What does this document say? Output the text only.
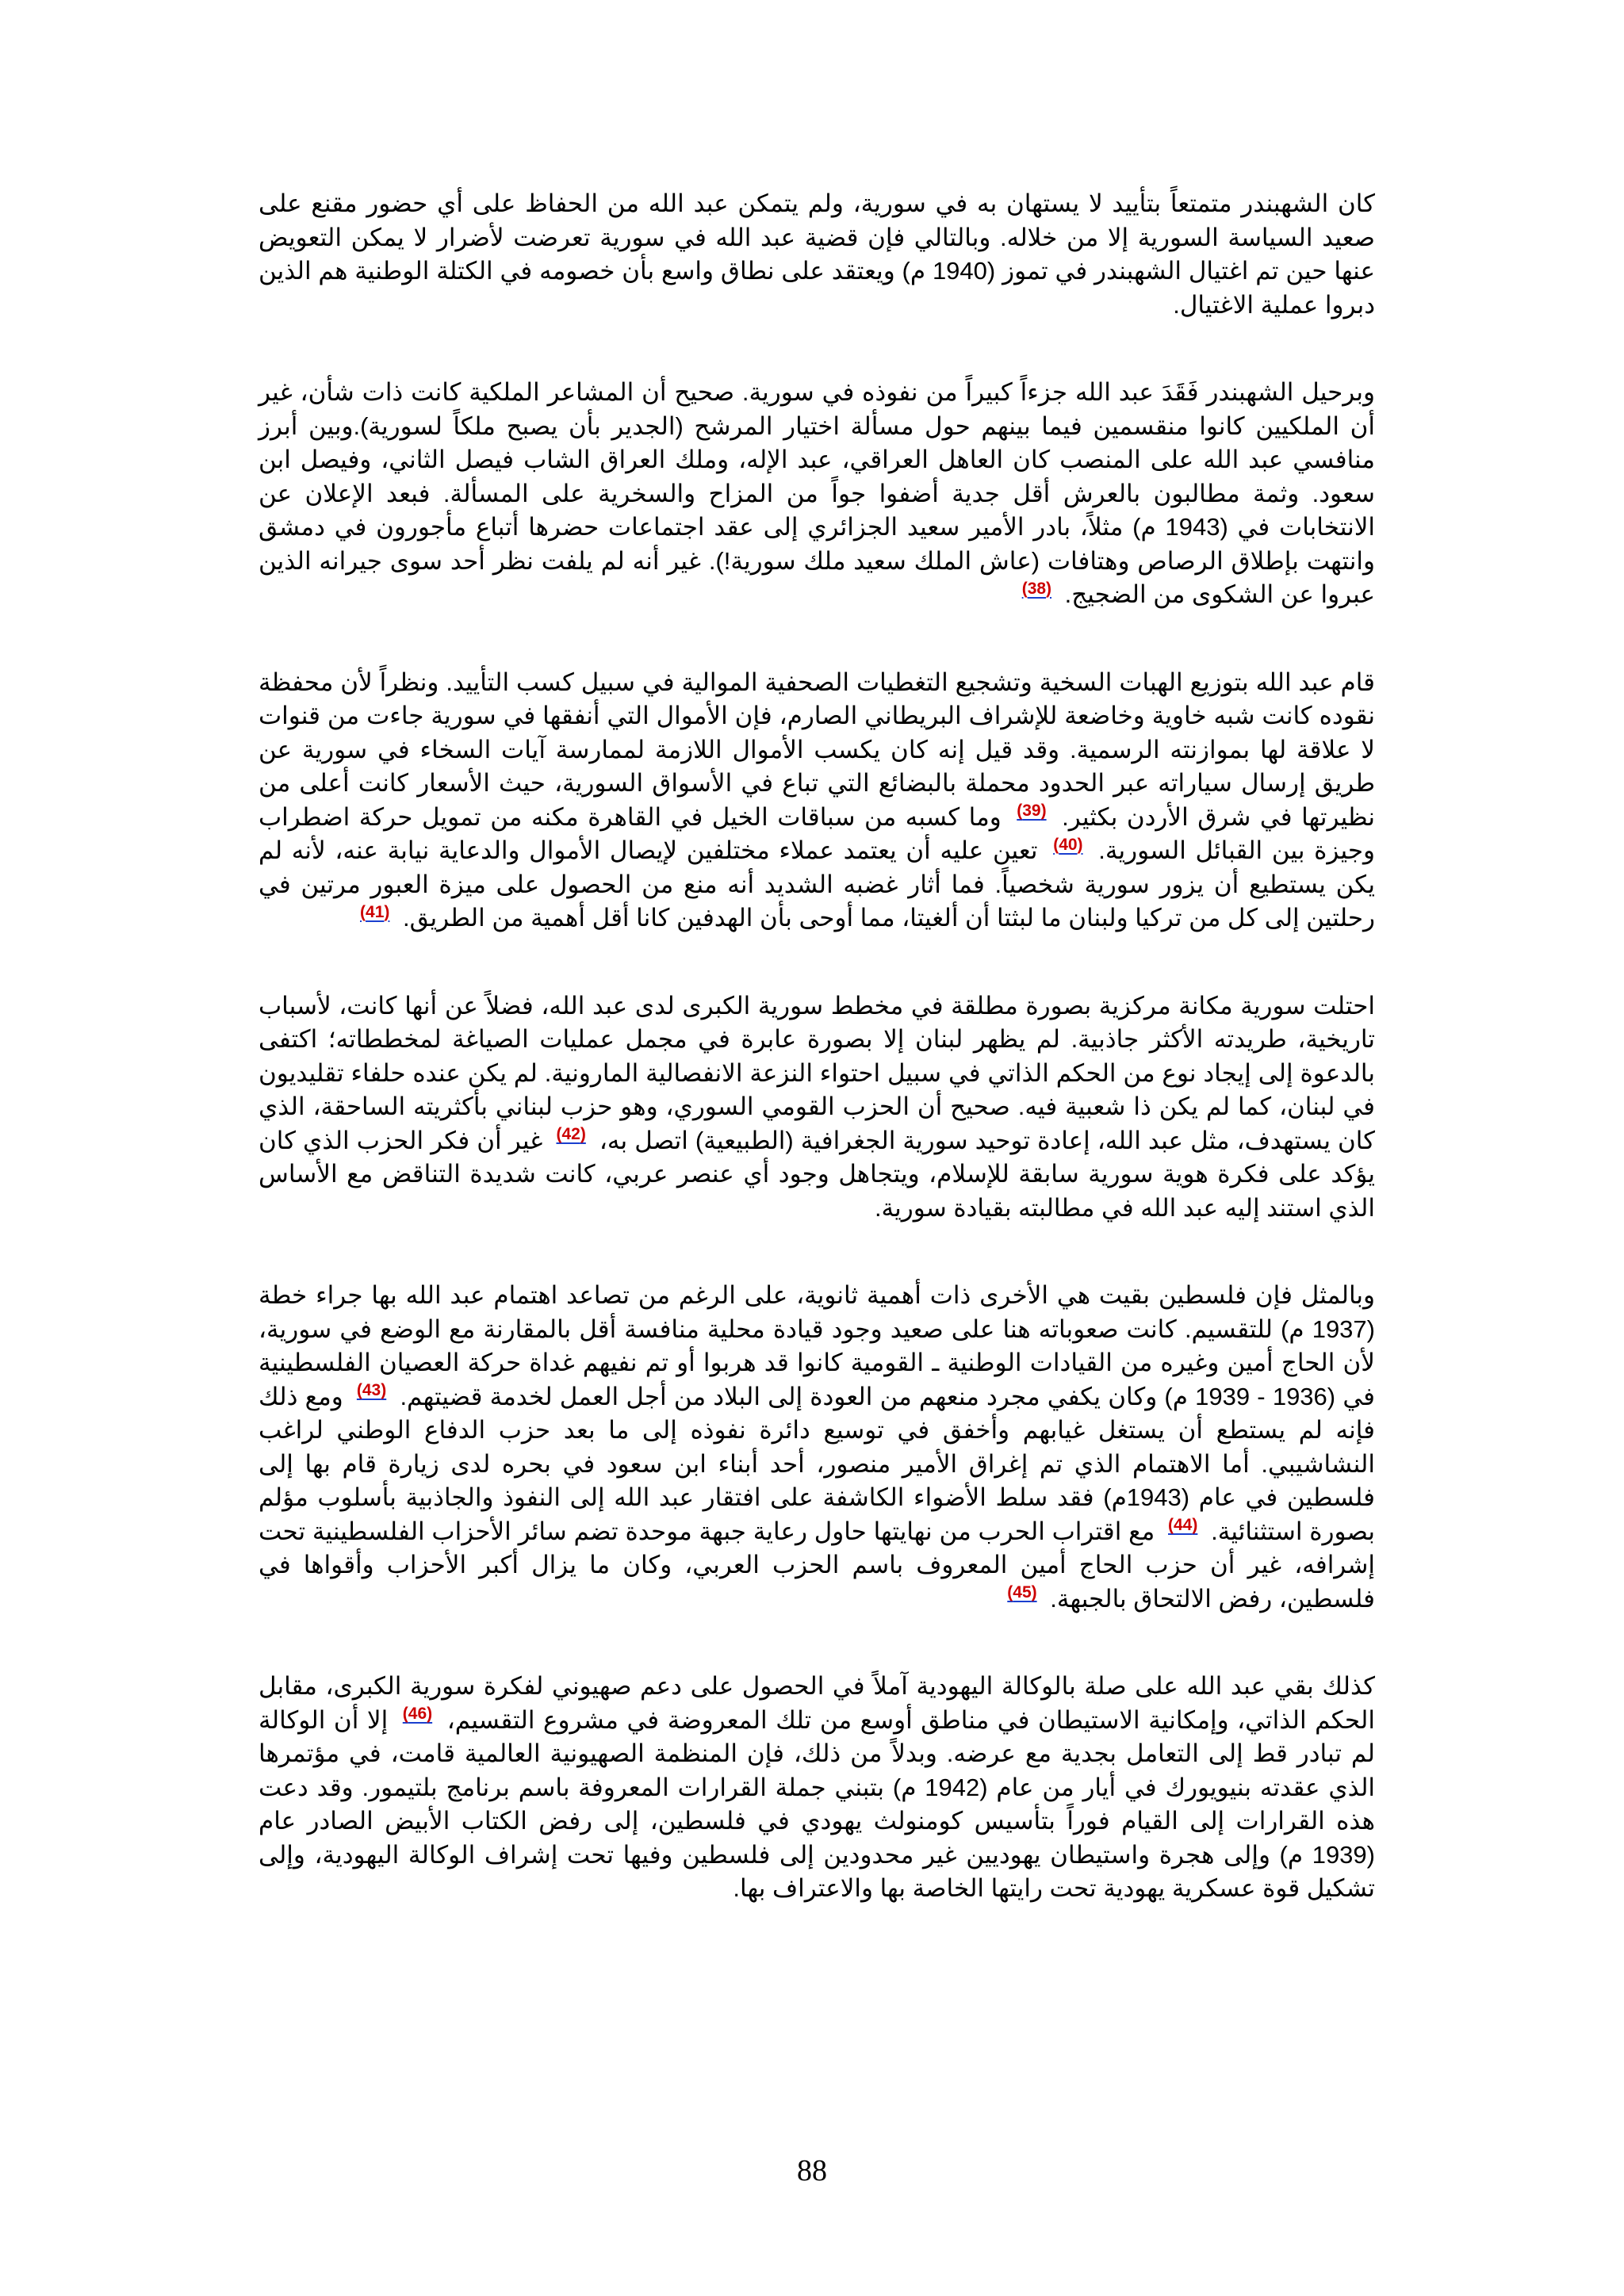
كان الشهبندر متمتعاً بتأييد لا يستهان به في سورية، ولم يتمكن عبد الله من الحفاظ على أي حضور مقنع على صعيد السياسة السورية إلا من خلاله. وبالتالي فإن قضية عبد الله في سورية تعرضت لأضرار لا يمكن التعويض عنها حين تم اغتيال الشهبندر في تموز (1940 م) ويعتقد على نطاق واسع بأن خصومه في الكتلة الوطنية هم الذين دبروا عملية الاغتيال.

وبرحيل الشهبندر فَقَدَ عبد الله جزءاً كبيراً من نفوذه في سورية. صحيح أن المشاعر الملكية كانت ذات شأن، غير أن الملكيين كانوا منقسمين فيما بينهم حول مسألة اختيار المرشح (الجدير بأن يصبح ملكاً لسورية).وبين أبرز منافسي عبد الله على المنصب كان العاهل العراقي، عبد الإله، وملك العراق الشاب فيصل الثاني، وفيصل ابن سعود. وثمة مطالبون بالعرش أقل جدية أضفوا جواً من المزاح والسخرية على المسألة. فبعد الإعلان عن الانتخابات في (1943 م) مثلاً، بادر الأمير سعيد الجزائري إلى عقد اجتماعات حضرها أتباع مأجورون في دمشق وانتهت بإطلاق الرصاص وهتافات (عاش الملك سعيد ملك سورية!). غير أنه لم يلفت نظر أحد سوى جيرانه الذين عبروا عن الشكوى من الضجيج. $^{(38)}$

قام عبد الله بتوزيع الهبات السخية وتشجيع التغطيات الصحفية الموالية في سبيل كسب التأييد. ونظراً لأن محفظة نقوده كانت شبه خاوية وخاضعة للإشراف البريطاني الصارم، فإن الأموال التي أنفقها في سورية جاءت من قنوات لا علاقة لها بموازنته الرسمية. وقد قيل إنه كان يكسب الأموال اللازمة لممارسة آيات السخاء في سورية عن طريق إرسال سياراته عبر الحدود محملة بالبضائع التي تباع في الأسواق السورية، حيث الأسعار كانت أعلى من نظيرتها في شرق الأردن بكثير. $^{(39)}$ وما كسبه من سباقات الخيل في القاهرة مكنه من تمويل حركة اضطراب وجيزة بين القبائل السورية. $^{(40)}$ تعين عليه أن يعتمد عملاء مختلفين لإيصال الأموال والدعاية نيابة عنه، لأنه لم يكن يستطيع أن يزور سورية شخصياً. فما أثار غضبه الشديد أنه منع من الحصول على ميزة العبور مرتين في رحلتين إلى كل من تركيا ولبنان ما لبثتا أن ألغيتا، مما أوحى بأن الهدفين كانا أقل أهمية من الطريق. $^{(41)}$

احتلت سورية مكانة مركزية بصورة مطلقة في مخطط سورية الكبرى لدى عبد الله، فضلاً عن أنها كانت، لأسباب تاريخية، طريدته الأكثر جاذبية. لم يظهر لبنان إلا بصورة عابرة في مجمل عمليات الصياغة لمخططاته؛ اكتفى بالدعوة إلى إيجاد نوع من الحكم الذاتي في سبيل احتواء النزعة الانفصالية المارونية. لم يكن عنده حلفاء تقليديون في لبنان، كما لم يكن ذا شعبية فيه. صحيح أن الحزب القومي السوري، وهو حزب لبناني بأكثريته الساحقة، الذي كان يستهدف، مثل عبد الله، إعادة توحيد سورية الجغرافية (الطبيعية) اتصل به، $^{(42)}$ غير أن فكر الحزب الذي كان يؤكد على فكرة هوية سورية سابقة للإسلام، ويتجاهل وجود أي عنصر عربي، كانت شديدة التناقض مع الأساس الذي استند إليه عبد الله في مطالبته بقيادة سورية.

وبالمثل فإن فلسطين بقيت هي الأخرى ذات أهمية ثانوية، على الرغم من تصاعد اهتمام عبد الله بها جراء خطة (1937 م) للتقسيم. كانت صعوباته هنا على صعيد وجود قيادة محلية منافسة أقل بالمقارنة مع الوضع في سورية، لأن الحاج أمين وغيره من القيادات الوطنية ـ القومية كانوا قد هربوا أو تم نفيهم غداة حركة العصيان الفلسطينية في (1936 - 1939 م) وكان يكفي مجرد منعهم من العودة إلى البلاد من أجل العمل لخدمة قضيتهم. $^{(43)}$ ومع ذلك فإنه لم يستطع أن يستغل غيابهم وأخفق في توسيع دائرة نفوذه إلى ما بعد حزب الدفاع الوطني لراغب النشاشيبي. أما الاهتمام الذي تم إغراق الأمير منصور، أحد أبناء ابن سعود في بحره لدى زيارة قام بها إلى فلسطين في عام (1943م) فقد سلط الأضواء الكاشفة على افتقار عبد الله إلى النفوذ والجاذبية بأسلوب مؤلم بصورة استثنائية. $^{(44)}$ مع اقتراب الحرب من نهايتها حاول رعاية جبهة موحدة تضم سائر الأحزاب الفلسطينية تحت إشرافه، غير أن حزب الحاج أمين المعروف باسم الحزب العربي، وكان ما يزال أكبر الأحزاب وأقواها في فلسطين، رفض الالتحاق بالجبهة. $^{(45)}$

كذلك بقي عبد الله على صلة بالوكالة اليهودية آملاً في الحصول على دعم صهيوني لفكرة سورية الكبرى، مقابل الحكم الذاتي، وإمكانية الاستيطان في مناطق أوسع من تلك المعروضة في مشروع التقسيم، $^{(46)}$ إلا أن الوكالة لم تبادر قط إلى التعامل بجدية مع عرضه. وبدلاً من ذلك، فإن المنظمة الصهيونية العالمية قامت، في مؤتمرها الذي عقدته بنيويورك في أيار من عام (1942 م) بتبني جملة القرارات المعروفة باسم برنامج بلتيمور. وقد دعت هذه القرارات إلى القيام فوراً بتأسيس كومنولث يهودي في فلسطين، إلى رفض الكتاب الأبيض الصادر عام (1939 م) وإلى هجرة واستيطان يهوديين غير محدودين إلى فلسطين وفيها تحت إشراف الوكالة اليهودية، وإلى تشكيل قوة عسكرية يهودية تحت رايتها الخاصة بها والاعتراف بها.

88
